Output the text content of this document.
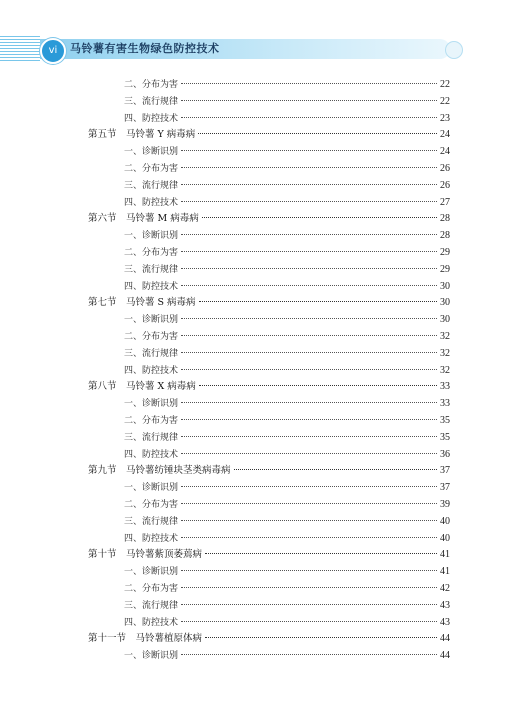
vi	马铃薯有害生物绿色防控技术
二、分布为害	22
三、流行规律	22
四、防控技术	23
第五节　马铃薯 Y 病毒病	24
一、诊断识别	24
二、分布为害	26
三、流行规律	26
四、防控技术	27
第六节　马铃薯 M 病毒病	28
一、诊断识别	28
二、分布为害	29
三、流行规律	29
四、防控技术	30
第七节　马铃薯 S 病毒病	30
一、诊断识别	30
二、分布为害	32
三、流行规律	32
四、防控技术	32
第八节　马铃薯 X 病毒病	33
一、诊断识别	33
二、分布为害	35
三、流行规律	35
四、防控技术	36
第九节　马铃薯纺锤块茎类病毒病	37
一、诊断识别	37
二、分布为害	39
三、流行规律	40
四、防控技术	40
第十节　马铃薯紫顶萎蔫病	41
一、诊断识别	41
二、分布为害	42
三、流行规律	43
四、防控技术	43
第十一节　马铃薯植原体病	44
一、诊断识别	44
